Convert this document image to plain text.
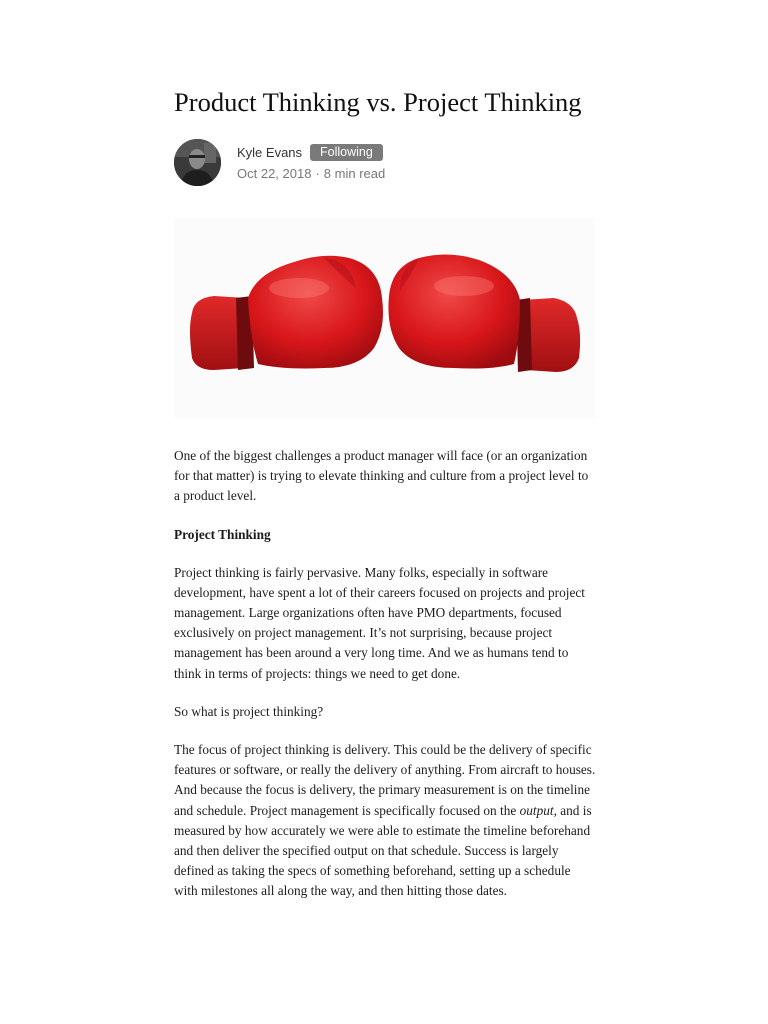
Product Thinking vs. Project Thinking
Kyle Evans	Following
Oct 22, 2018 · 8 min read

One of the biggest challenges a product manager will face (or an organization for that matter) is trying to elevate thinking and culture from a project level to a product level.

Project Thinking

Project thinking is fairly pervasive. Many folks, especially in software development, have spent a lot of their careers focused on projects and project management. Large organizations often have PMO departments, focused exclusively on project management. It’s not surprising, because project management has been around a very long time. And we as humans tend to think in terms of projects: things we need to get done.

So what is project thinking?

The focus of project thinking is delivery. This could be the delivery of specific features or software, or really the delivery of anything. From aircraft to houses. And because the focus is delivery, the primary measurement is on the timeline and schedule. Project management is specifically focused on the output, and is measured by how accurately we were able to estimate the timeline beforehand and then deliver the specified output on that schedule. Success is largely defined as taking the specs of something beforehand, setting up a schedule with milestones all along the way, and then hitting those dates.
